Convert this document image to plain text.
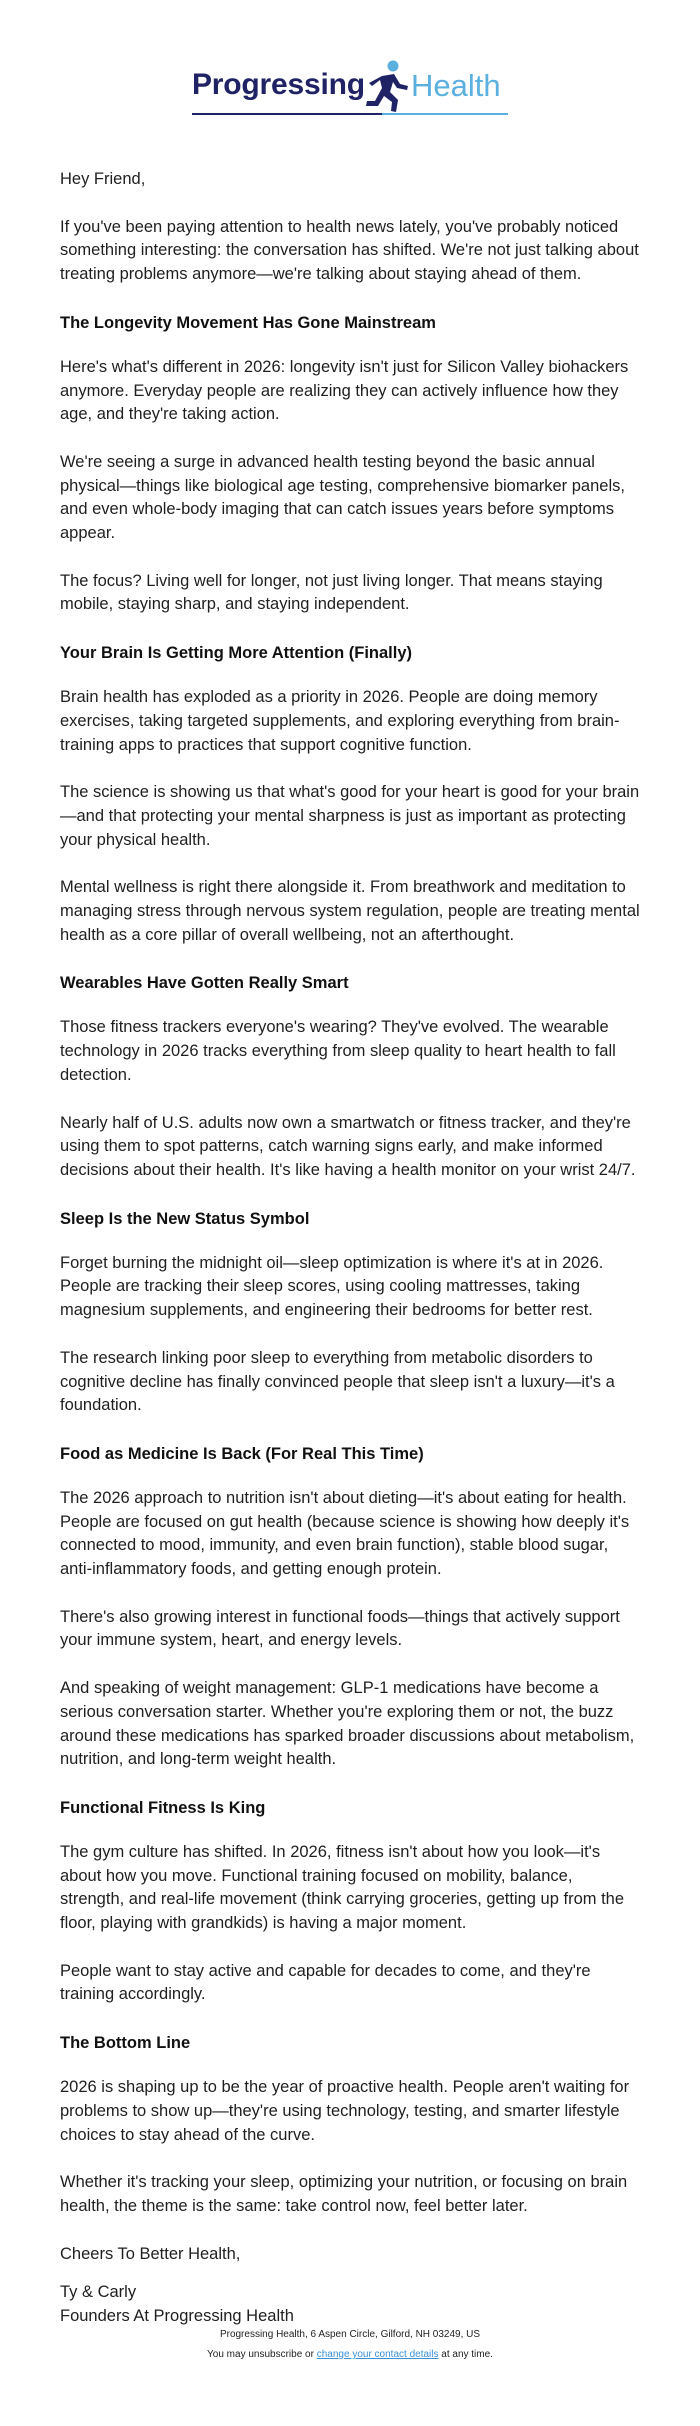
Progressing Health

Hey Friend,

If you've been paying attention to health news lately, you've probably noticed something interesting: the conversation has shifted. We're not just talking about treating problems anymore—we're talking about staying ahead of them.

The Longevity Movement Has Gone Mainstream

Here's what's different in 2026: longevity isn't just for Silicon Valley biohackers anymore. Everyday people are realizing they can actively influence how they age, and they're taking action.

We're seeing a surge in advanced health testing beyond the basic annual physical—things like biological age testing, comprehensive biomarker panels, and even whole-body imaging that can catch issues years before symptoms appear.

The focus? Living well for longer, not just living longer. That means staying mobile, staying sharp, and staying independent.

Your Brain Is Getting More Attention (Finally)

Brain health has exploded as a priority in 2026. People are doing memory exercises, taking targeted supplements, and exploring everything from brain-training apps to practices that support cognitive function.

The science is showing us that what's good for your heart is good for your brain—and that protecting your mental sharpness is just as important as protecting your physical health.

Mental wellness is right there alongside it. From breathwork and meditation to managing stress through nervous system regulation, people are treating mental health as a core pillar of overall wellbeing, not an afterthought.

Wearables Have Gotten Really Smart

Those fitness trackers everyone's wearing? They've evolved. The wearable technology in 2026 tracks everything from sleep quality to heart health to fall detection.

Nearly half of U.S. adults now own a smartwatch or fitness tracker, and they're using them to spot patterns, catch warning signs early, and make informed decisions about their health. It's like having a health monitor on your wrist 24/7.

Sleep Is the New Status Symbol

Forget burning the midnight oil—sleep optimization is where it's at in 2026. People are tracking their sleep scores, using cooling mattresses, taking magnesium supplements, and engineering their bedrooms for better rest.

The research linking poor sleep to everything from metabolic disorders to cognitive decline has finally convinced people that sleep isn't a luxury—it's a foundation.

Food as Medicine Is Back (For Real This Time)

The 2026 approach to nutrition isn't about dieting—it's about eating for health. People are focused on gut health (because science is showing how deeply it's connected to mood, immunity, and even brain function), stable blood sugar, anti-inflammatory foods, and getting enough protein.

There's also growing interest in functional foods—things that actively support your immune system, heart, and energy levels.

And speaking of weight management: GLP-1 medications have become a serious conversation starter. Whether you're exploring them or not, the buzz around these medications has sparked broader discussions about metabolism, nutrition, and long-term weight health.

Functional Fitness Is King

The gym culture has shifted. In 2026, fitness isn't about how you look—it's about how you move. Functional training focused on mobility, balance, strength, and real-life movement (think carrying groceries, getting up from the floor, playing with grandkids) is having a major moment.

People want to stay active and capable for decades to come, and they're training accordingly.

The Bottom Line

2026 is shaping up to be the year of proactive health. People aren't waiting for problems to show up—they're using technology, testing, and smarter lifestyle choices to stay ahead of the curve.

Whether it's tracking your sleep, optimizing your nutrition, or focusing on brain health, the theme is the same: take control now, feel better later.

Cheers To Better Health,

Ty & Carly

Founders At Progressing Health

Progressing Health, 6 Aspen Circle, Gilford, NH 03249, US
You may unsubscribe or change your contact details at any time.
